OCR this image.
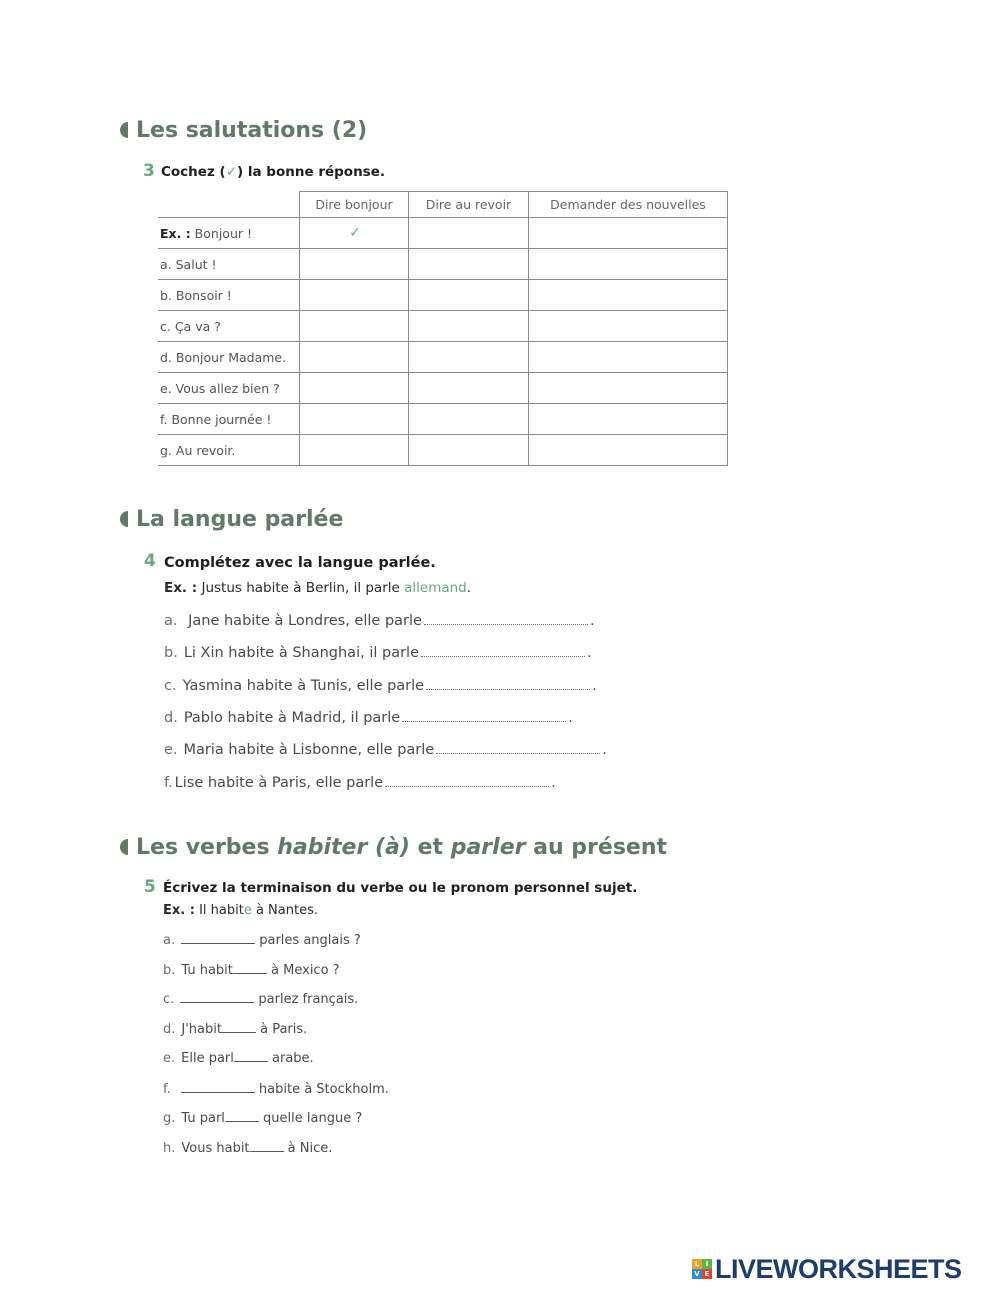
Les salutations (2)
3 Cochez (✓) la bonne réponse.
	Dire bonjour	Dire au revoir	Demander des nouvelles
Ex. : Bonjour !	✓		
a. Salut !			
b. Bonsoir !			
c. Ça va ?			
d. Bonjour Madame.			
e. Vous allez bien ?			
f. Bonne journée !			
g. Au revoir.			
La langue parlée
4 Complétez avec la langue parlée.
Ex. : Justus habite à Berlin, il parle allemand.
a. Jane habite à Londres, elle parle	.
b. Li Xin habite à Shanghai, il parle	.
c. Yasmina habite à Tunis, elle parle	.
d. Pablo habite à Madrid, il parle	.
e. Maria habite à Lisbonne, elle parle	.
f. Lise habite à Paris, elle parle	.
Les verbes habiter (à) et parler au présent
5 Écrivez la terminaison du verbe ou le pronom personnel sujet.
Ex. : Il habite à Nantes.
a.	parles anglais ?
b. Tu habit	à Mexico ?
c.	parlez français.
d. J'habit	à Paris.
e. Elle parl	arabe.
f.	habite à Stockholm.
g. Tu parl	quelle langue ?
h. Vous habit	à Nice.
L I
V E LIVEWORKSHEETS
